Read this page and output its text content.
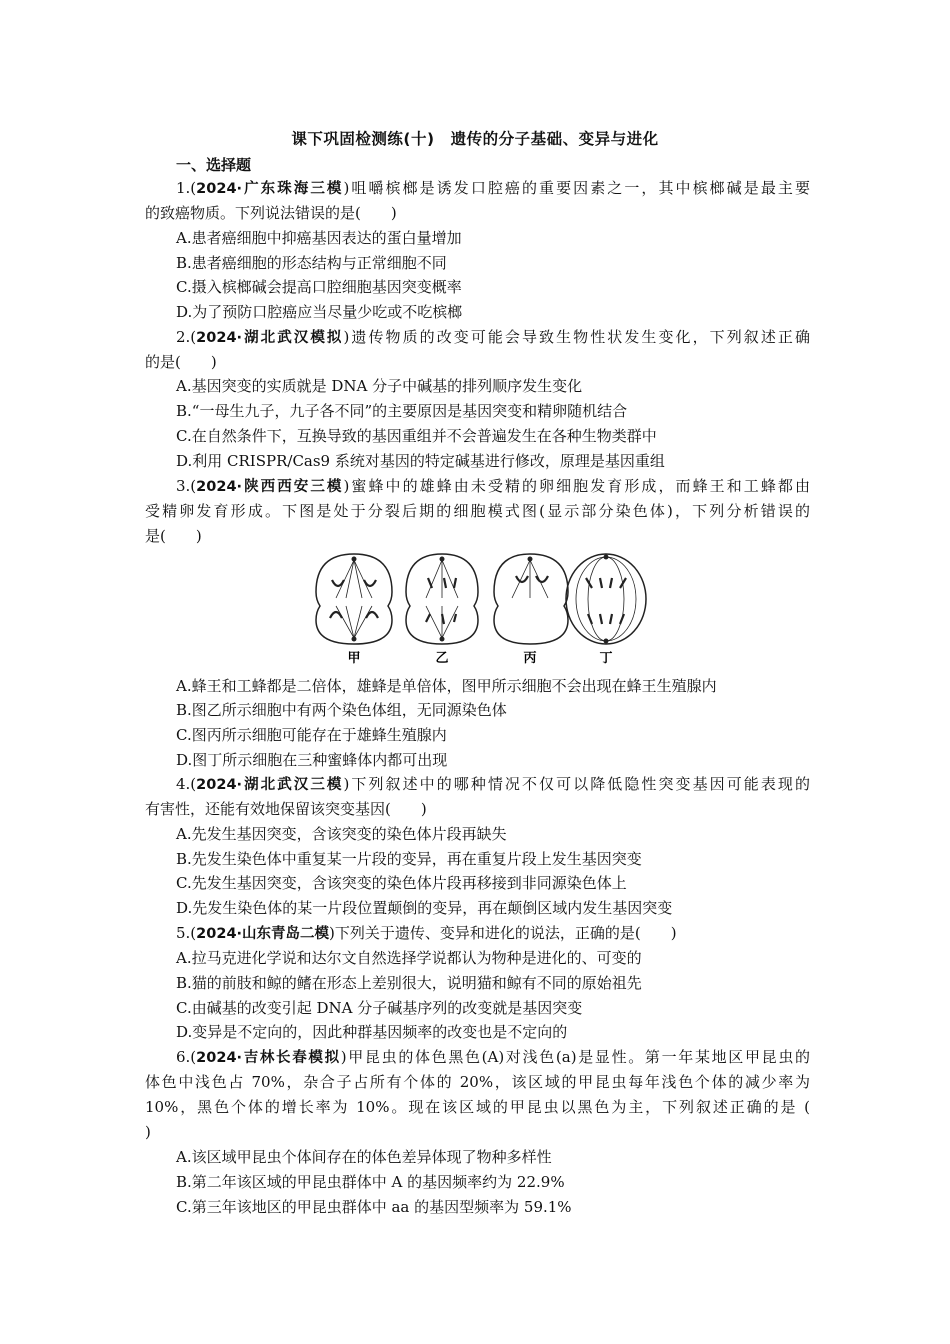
课下巩固检测练(十)　遗传的分子基础、变异与进化
一、选择题
1.(2024·广东珠海三模)咀嚼槟榔是诱发口腔癌的重要因素之一，其中槟榔碱是最主要
的致癌物质。下列说法错误的是(　　)
A.患者癌细胞中抑癌基因表达的蛋白量增加
B.患者癌细胞的形态结构与正常细胞不同
C.摄入槟榔碱会提高口腔细胞基因突变概率
D.为了预防口腔癌应当尽量少吃或不吃槟榔
2.(2024·湖北武汉模拟)遗传物质的改变可能会导致生物性状发生变化，下列叙述正确
的是(　　)
A.基因突变的实质就是 DNA 分子中碱基的排列顺序发生变化
B.“一母生九子，九子各不同”的主要原因是基因突变和精卵随机结合
C.在自然条件下，互换导致的基因重组并不会普遍发生在各种生物类群中
D.利用 CRISPR/Cas9 系统对基因的特定碱基进行修改，原理是基因重组
3.(2024·陕西西安三模)蜜蜂中的雄蜂由未受精的卵细胞发育形成，而蜂王和工蜂都由
受精卵发育形成。下图是处于分裂后期的细胞模式图(显示部分染色体)，下列分析错误的
是(　　)
甲	乙	丙	丁
A.蜂王和工蜂都是二倍体，雄蜂是单倍体，图甲所示细胞不会出现在蜂王生殖腺内
B.图乙所示细胞中有两个染色体组，无同源染色体
C.图丙所示细胞可能存在于雄蜂生殖腺内
D.图丁所示细胞在三种蜜蜂体内都可出现
4.(2024·湖北武汉三模)下列叙述中的哪种情况不仅可以降低隐性突变基因可能表现的
有害性，还能有效地保留该突变基因(　　)
A.先发生基因突变，含该突变的染色体片段再缺失
B.先发生染色体中重复某一片段的变异，再在重复片段上发生基因突变
C.先发生基因突变，含该突变的染色体片段再移接到非同源染色体上
D.先发生染色体的某一片段位置颠倒的变异，再在颠倒区域内发生基因突变
5.(2024·山东青岛二模)下列关于遗传、变异和进化的说法，正确的是(　　)
A.拉马克进化学说和达尔文自然选择学说都认为物种是进化的、可变的
B.猫的前肢和鲸的鳍在形态上差别很大，说明猫和鲸有不同的原始祖先
C.由碱基的改变引起 DNA 分子碱基序列的改变就是基因突变
D.变异是不定向的，因此种群基因频率的改变也是不定向的
6.(2024·吉林长春模拟)甲昆虫的体色黑色(A)对浅色(a)是显性。第一年某地区甲昆虫的
体色中浅色占 70%，杂合子占所有个体的 20%，该区域的甲昆虫每年浅色个体的减少率为
10%，黑色个体的增长率为 10%。现在该区域的甲昆虫以黑色为主，下列叙述正确的是 (
)
A.该区域甲昆虫个体间存在的体色差异体现了物种多样性
B.第二年该区域的甲昆虫群体中 A 的基因频率约为 22.9%
C.第三年该地区的甲昆虫群体中 aa 的基因型频率为 59.1%
